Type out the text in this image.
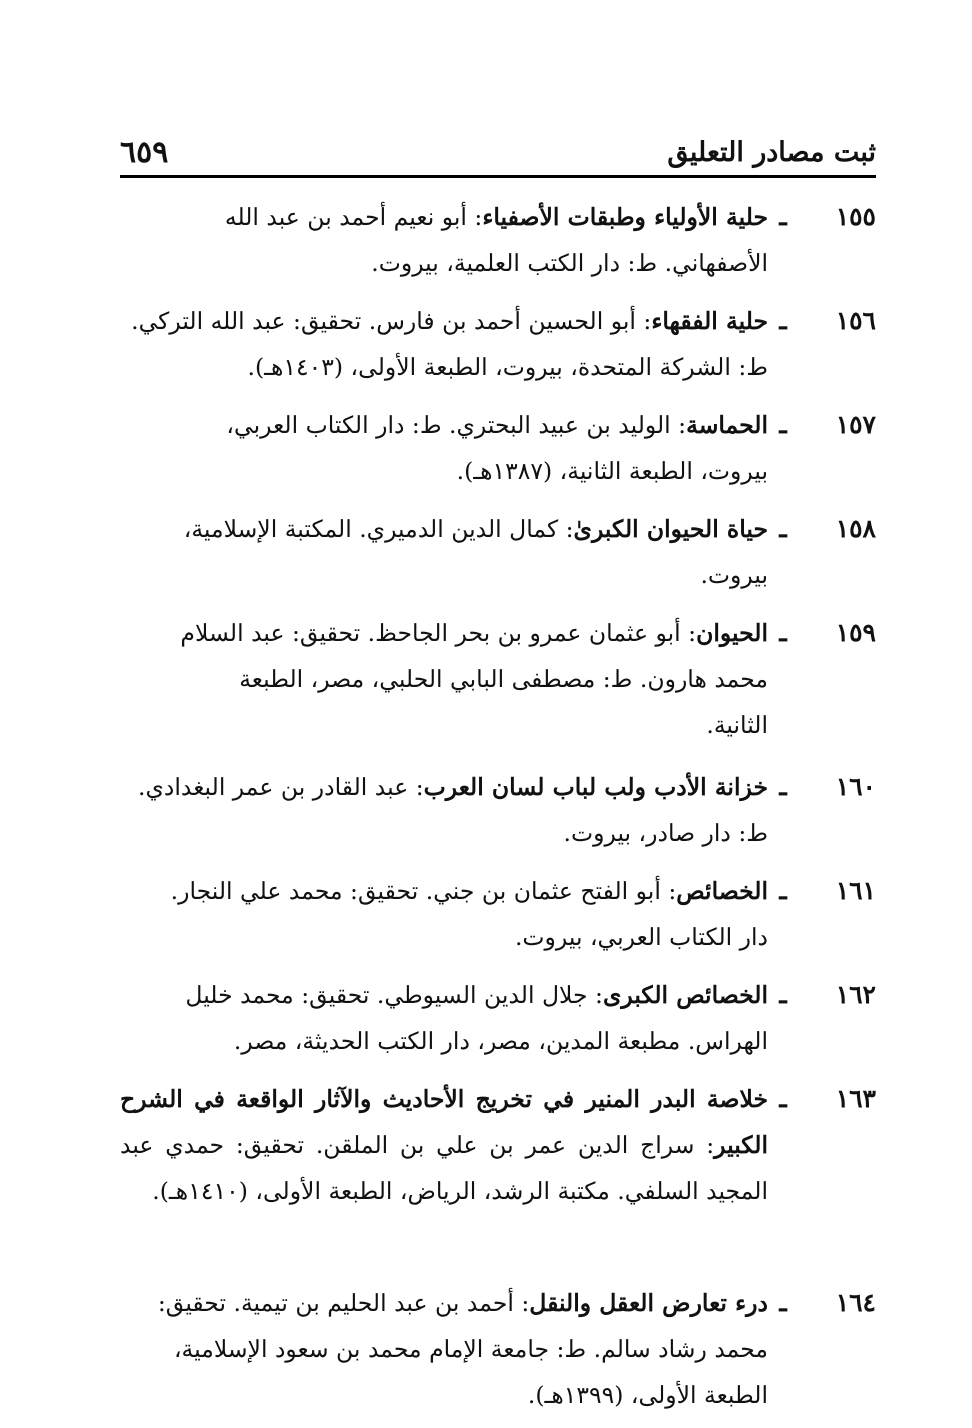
ثبت مصادر التعليق
٦٥٩
١٥٥
ـ
حلية الأولياء وطبقات الأصفياء: أبو نعيم أحمد بن عبد الله
الأصفهاني. ط: دار الكتب العلمية، بيروت.
١٥٦
ـ
حلية الفقهاء: أبو الحسين أحمد بن فارس. تحقيق: عبد الله التركي.
ط: الشركة المتحدة، بيروت، الطبعة الأولى، (١٤٠٣هـ).
١٥٧
ـ
الحماسة: الوليد بن عبيد البحتري. ط: دار الكتاب العربي،
بيروت، الطبعة الثانية، (١٣٨٧هـ).
١٥٨
ـ
حياة الحيوان الكبرىٰ: كمال الدين الدميري. المكتبة الإسلامية،
بيروت.
١٥٩
ـ
الحيوان: أبو عثمان عمرو بن بحر الجاحظ. تحقيق: عبد السلام
محمد هارون. ط: مصطفى البابي الحلبي، مصر، الطبعة
الثانية.
١٦٠
ـ
خزانة الأدب ولب لباب لسان العرب: عبد القادر بن عمر البغدادي.
ط: دار صادر، بيروت.
١٦١
ـ
الخصائص: أبو الفتح عثمان بن جني. تحقيق: محمد علي النجار.
دار الكتاب العربي، بيروت.
١٦٢
ـ
الخصائص الكبرى: جلال الدين السيوطي. تحقيق: محمد خليل
الهراس. مطبعة المدين، مصر، دار الكتب الحديثة، مصر.
١٦٣
ـ
خلاصة البدر المنير في تخريج الأحاديث والآثار الواقعة في الشرح الكبير: سراج الدين عمر بن علي بن الملقن. تحقيق: حمدي عبد المجيد السلفي. مكتبة الرشد، الرياض، الطبعة الأولى، (١٤١٠هـ).
١٦٤
ـ
درء تعارض العقل والنقل: أحمد بن عبد الحليم بن تيمية. تحقيق:
محمد رشاد سالم. ط: جامعة الإمام محمد بن سعود الإسلامية،
الطبعة الأولى، (١٣٩٩هـ).
